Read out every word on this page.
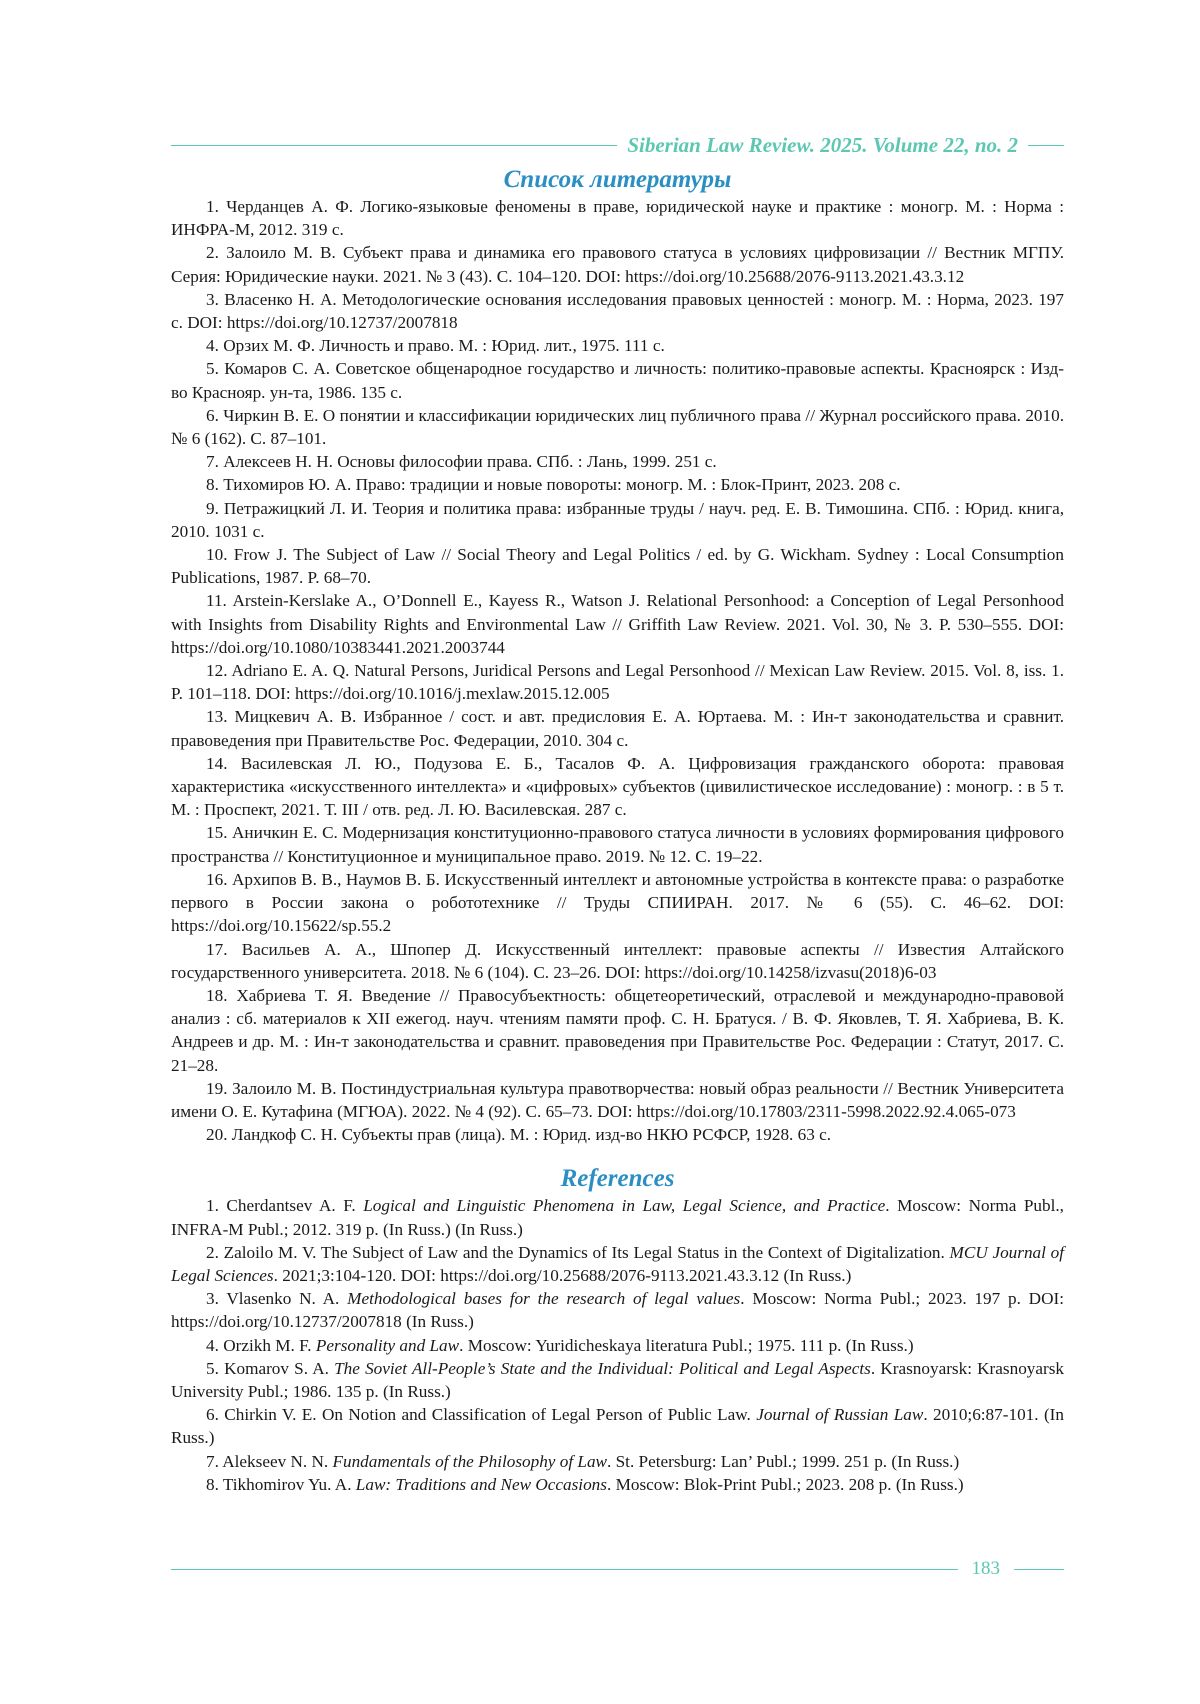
Siberian Law Review. 2025. Volume 22, no. 2
Список литературы
1. Черданцев А. Ф. Логико-языковые феномены в праве, юридической науке и практике : моногр. М. : Норма : ИНФРА-М, 2012. 319 с.
2. Залоило М. В. Субъект права и динамика его правового статуса в условиях цифровизации // Вестник МГПУ. Серия: Юридические науки. 2021. № 3 (43). С. 104–120. DOI: https://doi.org/10.25688/2076-9113.2021.43.3.12
3. Власенко Н. А. Методологические основания исследования правовых ценностей : моногр. М. : Норма, 2023. 197 с. DOI: https://doi.org/10.12737/2007818
4. Орзих М. Ф. Личность и право. М. : Юрид. лит., 1975. 111 с.
5. Комаров С. А. Советское общенародное государство и личность: политико-правовые аспекты. Красноярск : Изд-во Краснояр. ун-та, 1986. 135 с.
6. Чиркин В. Е. О понятии и классификации юридических лиц публичного права // Журнал российского права. 2010. № 6 (162). С. 87–101.
7. Алексеев Н. Н. Основы философии права. СПб. : Лань, 1999. 251 с.
8. Тихомиров Ю. А. Право: традиции и новые повороты: моногр. М. : Блок-Принт, 2023. 208 с.
9. Петражицкий Л. И. Теория и политика права: избранные труды / науч. ред. Е. В. Тимошина. СПб. : Юрид. книга, 2010. 1031 с.
10. Frow J. The Subject of Law // Social Theory and Legal Politics / ed. by G. Wickham. Sydney : Local Consumption Publications, 1987. P. 68–70.
11. Arstein-Kerslake A., O’Donnell E., Kayess R., Watson J. Relational Personhood: a Conception of Legal Personhood with Insights from Disability Rights and Environmental Law // Griffith Law Review. 2021. Vol. 30, № 3. P. 530–555. DOI: https://doi.org/10.1080/10383441.2021.2003744
12. Adriano E. A. Q. Natural Persons, Juridical Persons and Legal Personhood // Mexican Law Review. 2015. Vol. 8, iss. 1. P. 101–118. DOI: https://doi.org/10.1016/j.mexlaw.2015.12.005
13. Мицкевич А. В. Избранное / сост. и авт. предисловия Е. А. Юртаева. М. : Ин-т законодательства и сравнит. правоведения при Правительстве Рос. Федерации, 2010. 304 с.
14. Василевская Л. Ю., Подузова Е. Б., Тасалов Ф. А. Цифровизация гражданского оборота: правовая характеристика «искусственного интеллекта» и «цифровых» субъектов (цивилистическое исследование) : моногр. : в 5 т. М. : Проспект, 2021. Т. III / отв. ред. Л. Ю. Василевская. 287 с.
15. Аничкин Е. С. Модернизация конституционно-правового статуса личности в условиях формирования цифрового пространства // Конституционное и муниципальное право. 2019. № 12. С. 19–22.
16. Архипов В. В., Наумов В. Б. Искусственный интеллект и автономные устройства в контексте права: о разработке первого в России закона о робототехнике // Труды СПИИРАН. 2017. № 6 (55). С. 46–62. DOI: https://doi.org/10.15622/sp.55.2
17. Васильев А. А., Шпопер Д. Искусственный интеллект: правовые аспекты // Известия Алтайского государственного университета. 2018. № 6 (104). С. 23–26. DOI: https://doi.org/10.14258/izvasu(2018)6-03
18. Хабриева Т. Я. Введение // Правосубъектность: общетеоретический, отраслевой и международно-правовой анализ : сб. материалов к XII ежегод. науч. чтениям памяти проф. С. Н. Братуся. / В. Ф. Яковлев, Т. Я. Хабриева, В. К. Андреев и др. М. : Ин-т законодательства и сравнит. правоведения при Правительстве Рос. Федерации : Статут, 2017. С. 21–28.
19. Залоило М. В. Постиндустриальная культура правотворчества: новый образ реальности // Вестник Университета имени О. Е. Кутафина (МГЮА). 2022. № 4 (92). С. 65–73. DOI: https://doi.org/10.17803/2311-5998.2022.92.4.065-073
20. Ландкоф С. Н. Субъекты прав (лица). М. : Юрид. изд-во НКЮ РСФСР, 1928. 63 с.
References
1. Cherdantsev A. F. Logical and Linguistic Phenomena in Law, Legal Science, and Practice. Moscow: Norma Publ., INFRA-M Publ.; 2012. 319 p. (In Russ.) (In Russ.)
2. Zaloilo M. V. The Subject of Law and the Dynamics of Its Legal Status in the Context of Digitalization. MCU Journal of Legal Sciences. 2021;3:104-120. DOI: https://doi.org/10.25688/2076-9113.2021.43.3.12 (In Russ.)
3. Vlasenko N. A. Methodological bases for the research of legal values. Moscow: Norma Publ.; 2023. 197 p. DOI: https://doi.org/10.12737/2007818 (In Russ.)
4. Orzikh M. F. Personality and Law. Moscow: Yuridicheskaya literatura Publ.; 1975. 111 p. (In Russ.)
5. Komarov S. A. The Soviet All-People’s State and the Individual: Political and Legal Aspects. Krasnoyarsk: Krasnoyarsk University Publ.; 1986. 135 p. (In Russ.)
6. Chirkin V. E. On Notion and Classification of Legal Person of Public Law. Journal of Russian Law. 2010;6:87-101. (In Russ.)
7. Alekseev N. N. Fundamentals of the Philosophy of Law. St. Petersburg: Lan’ Publ.; 1999. 251 p. (In Russ.)
8. Tikhomirov Yu. A. Law: Traditions and New Occasions. Moscow: Blok-Print Publ.; 2023. 208 p. (In Russ.)
183
